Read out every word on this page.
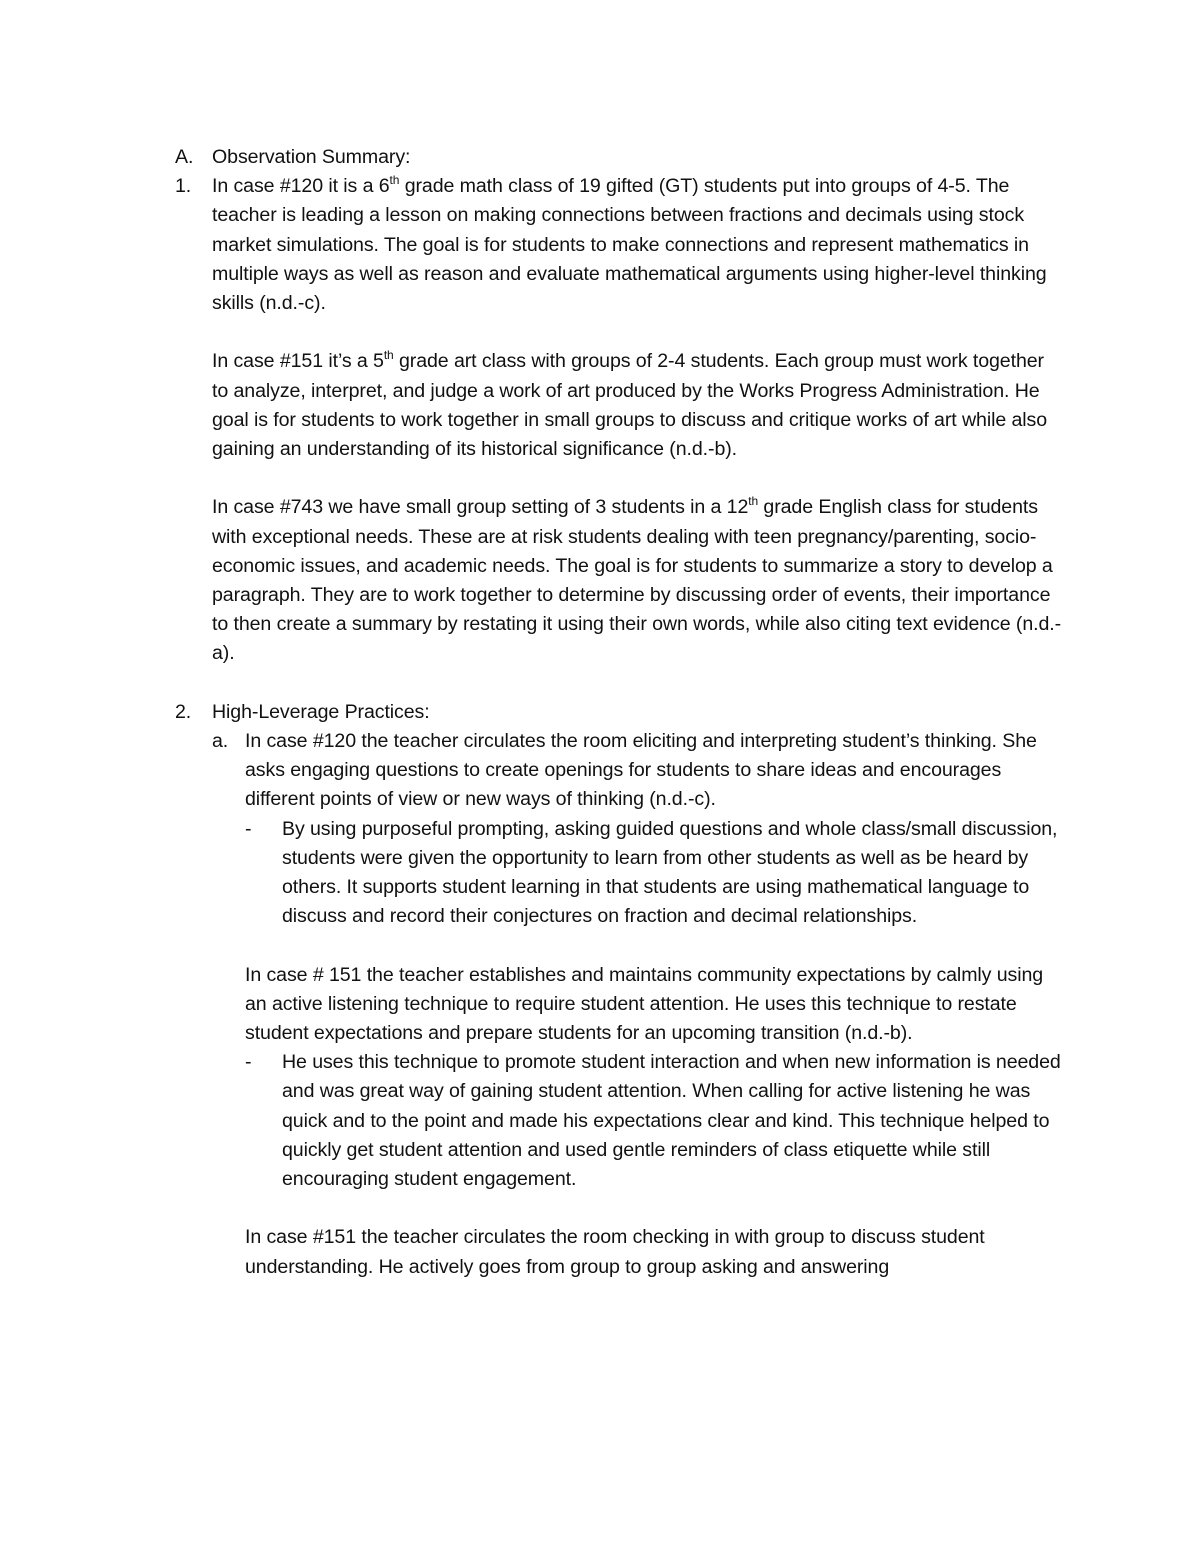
A. Observation Summary:
1.	In case #120 it is a 6th grade math class of 19 gifted (GT) students put into groups of 4-5. The teacher is leading a lesson on making connections between fractions and decimals using stock market simulations. The goal is for students to make connections and represent mathematics in multiple ways as well as reason and evaluate mathematical arguments using higher-level thinking skills (n.d.-c).

In case #151 it’s a 5th grade art class with groups of 2-4 students. Each group must work together to analyze, interpret, and judge a work of art produced by the Works Progress Administration. He goal is for students to work together in small groups to discuss and critique works of art while also gaining an understanding of its historical significance (n.d.-b).

In case #743 we have small group setting of 3 students in a 12th grade English class for students with exceptional needs. These are at risk students dealing with teen pregnancy/parenting, socio-economic issues, and academic needs. The goal is for students to summarize a story to develop a paragraph. They are to work together to determine by discussing order of events, their importance to then create a summary by restating it using their own words, while also citing text evidence (n.d.-a).

2.	High-Leverage Practices:
a. In case #120 the teacher circulates the room eliciting and interpreting student’s thinking. She asks engaging questions to create openings for students to share ideas and encourages different points of view or new ways of thinking (n.d.-c).

-	By using purposeful prompting, asking guided questions and whole class/small discussion, students were given the opportunity to learn from other students as well as be heard by others. It supports student learning in that students are using mathematical language to discuss and record their conjectures on fraction and decimal relationships.

In case # 151 the teacher establishes and maintains community expectations by calmly using an active listening technique to require student attention. He uses this technique to restate student expectations and prepare students for an upcoming transition (n.d.-b).

-	He uses this technique to promote student interaction and when new information is needed and was great way of gaining student attention. When calling for active listening he was quick and to the point and made his expectations clear and kind. This technique helped to quickly get student attention and used gentle reminders of class etiquette while still encouraging student engagement.

In case #151 the teacher circulates the room checking in with group to discuss student understanding. He actively goes from group to group asking and answering
